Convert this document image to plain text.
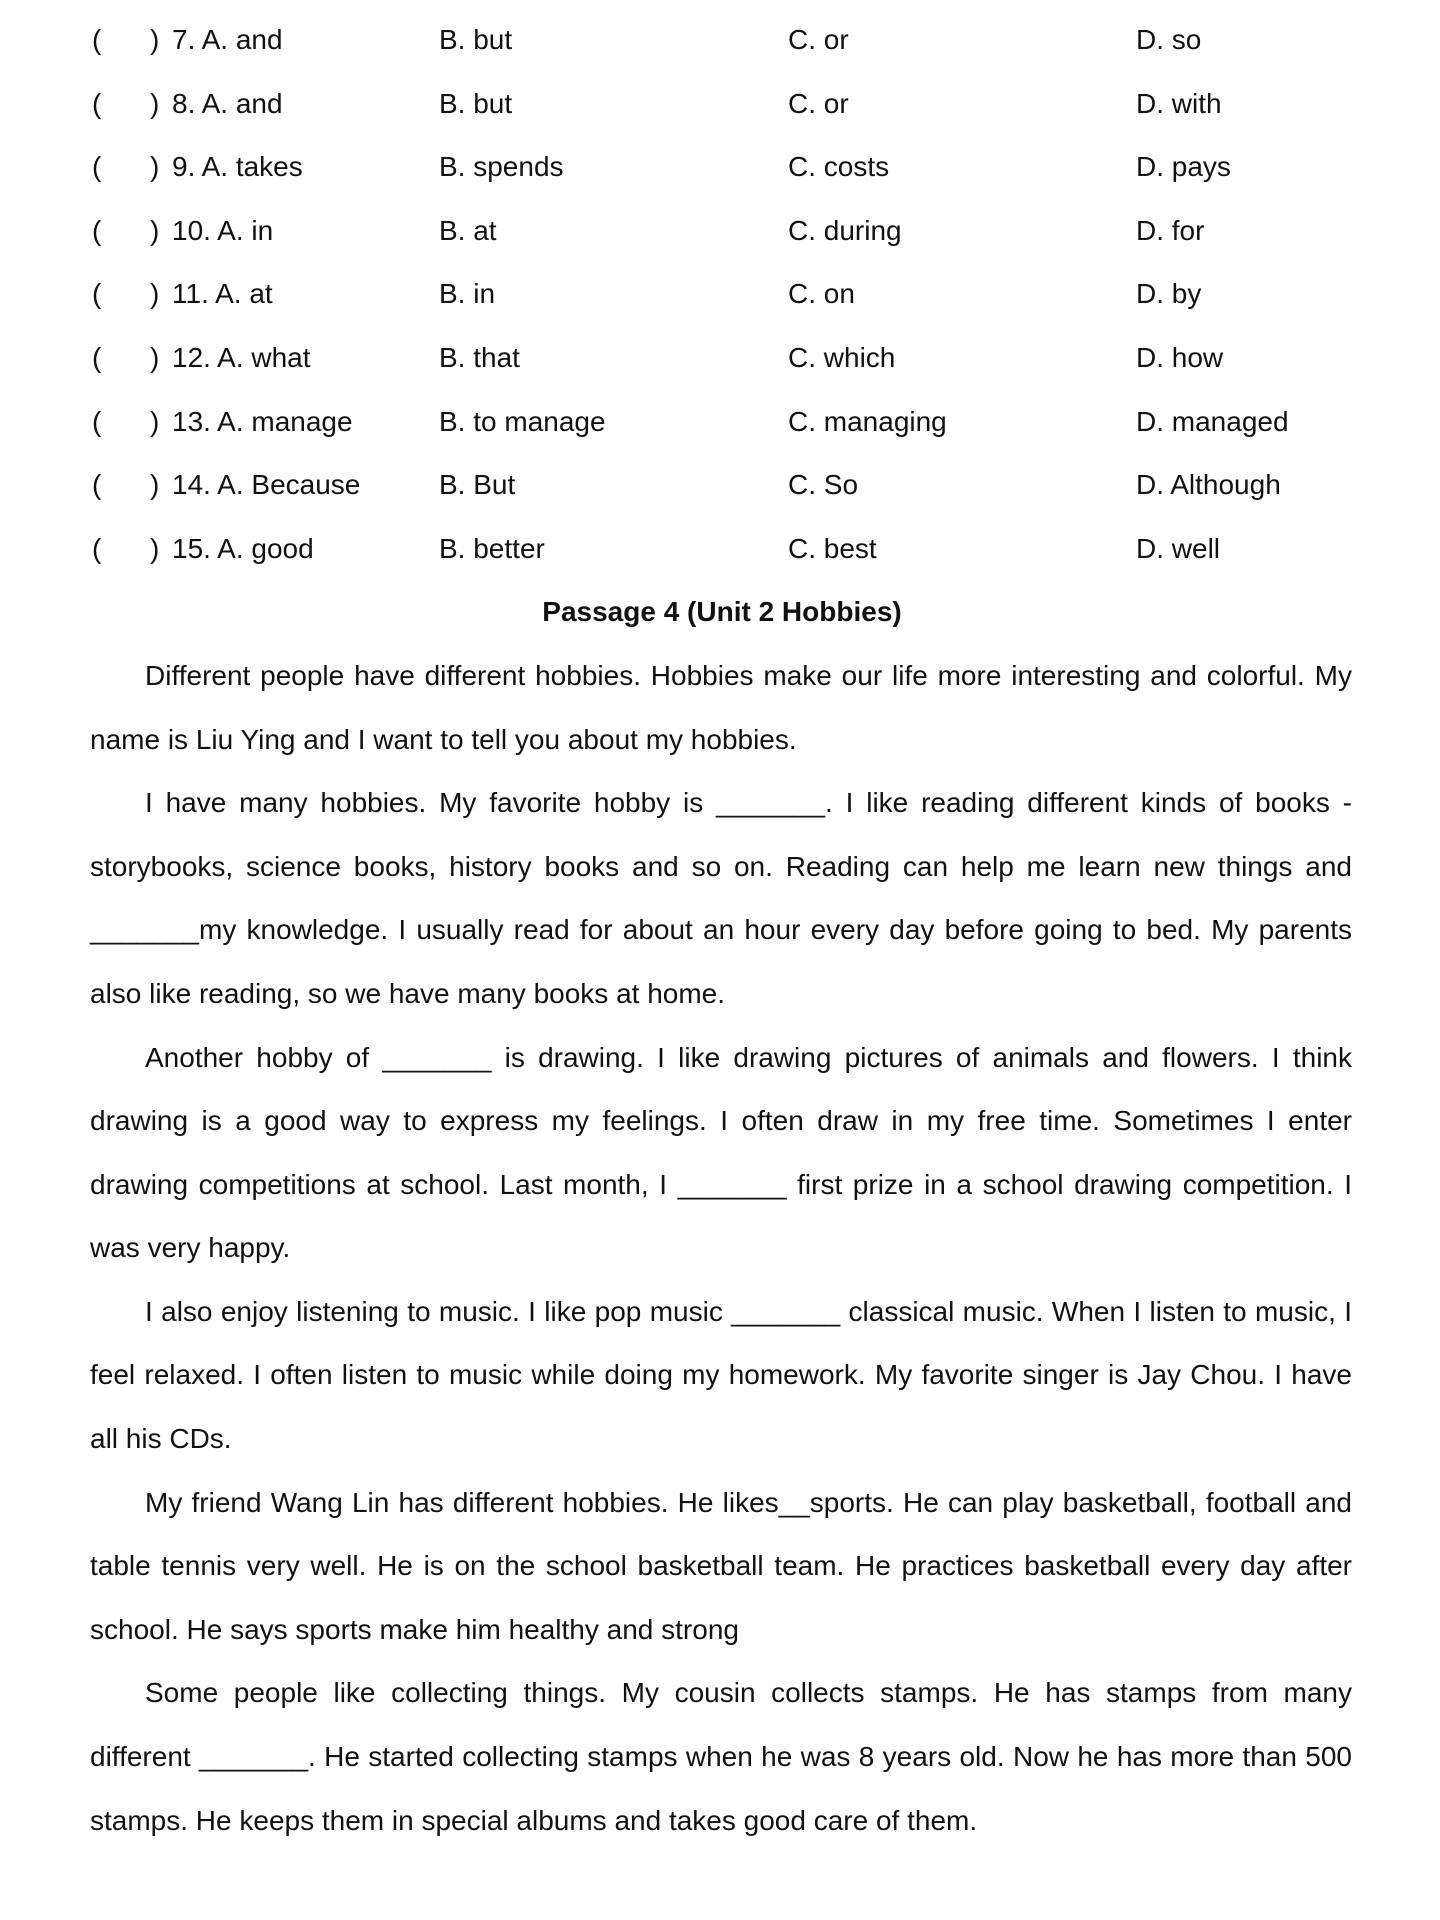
( ) 7. A. and	B. but	C. or	D. so
( ) 8. A. and	B. but	C. or	D. with
( ) 9. A. takes	B. spends	C. costs	D. pays
( ) 10. A. in	B. at	C. during	D. for
( ) 11. A. at	B. in	C. on	D. by
( ) 12. A. what	B. that	C. which	D. how
( ) 13. A. manage	B. to manage	C. managing	D. managed
( ) 14. A. Because	B. But	C. So	D. Although
( ) 15. A. good	B. better	C. best	D. well
Passage 4 (Unit 2 Hobbies)

Different people have different hobbies. Hobbies make our life more interesting and colorful. My name is Liu Ying and I want to tell you about my hobbies.

I have many hobbies. My favorite hobby is _______. I like reading different kinds of books - storybooks, science books, history books and so on. Reading can help me learn new things and _______my knowledge. I usually read for about an hour every day before going to bed. My parents also like reading, so we have many books at home.

Another hobby of _______ is drawing. I like drawing pictures of animals and flowers. I think drawing is a good way to express my feelings. I often draw in my free time. Sometimes I enter drawing competitions at school. Last month, I _______ first prize in a school drawing competition. I was very happy.

I also enjoy listening to music. I like pop music _______ classical music. When I listen to music, I feel relaxed. I often listen to music while doing my homework. My favorite singer is Jay Chou. I have all his CDs.

My friend Wang Lin has different hobbies. He likes__sports. He can play basketball, football and table tennis very well. He is on the school basketball team. He practices basketball every day after school. He says sports make him healthy and strong

Some people like collecting things. My cousin collects stamps. He has stamps from many different _______. He started collecting stamps when he was 8 years old. Now he has more than 500 stamps. He keeps them in special albums and takes good care of them.
